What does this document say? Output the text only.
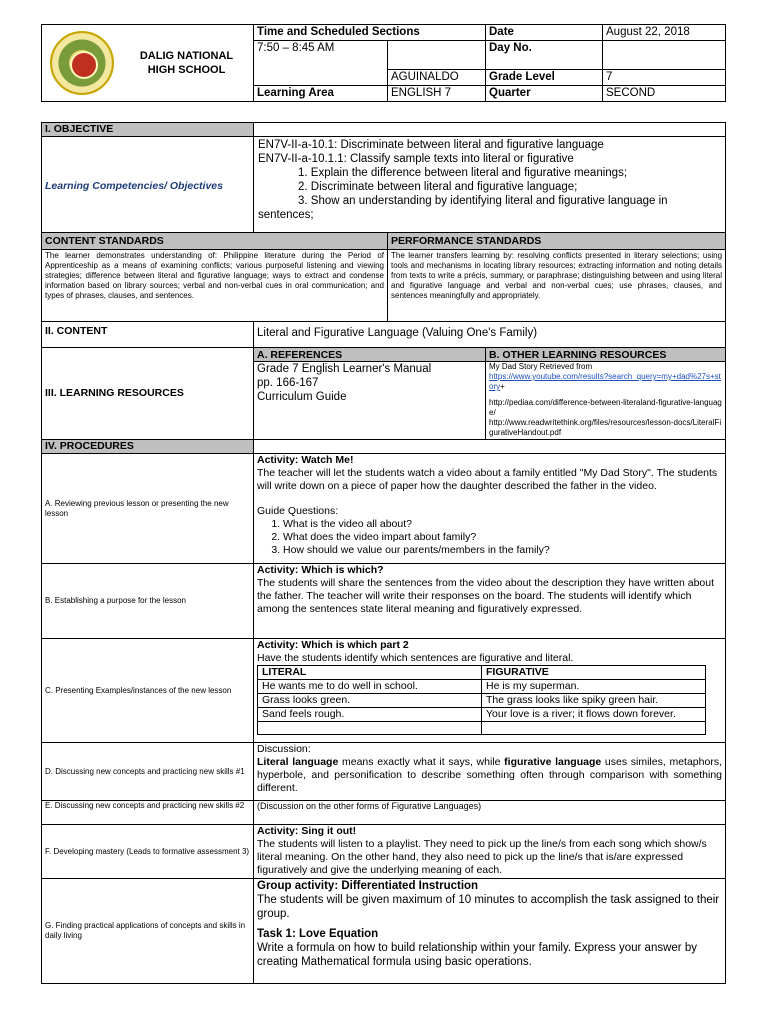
DALIG NATIONAL
HIGH SCHOOL	Time and Scheduled Sections		Date	August 22, 2018
	7:50 – 8:45 AM		Day No.	
		AGUINALDO	Grade Level	7
	Learning Area	ENGLISH 7	Quarter	SECOND
I. OBJECTIVE	
Learning Competencies/ Objectives	
EN7V-II-a-10.1: Discriminate between literal and figurative language
EN7V-II-a-10.1.1: Classify sample texts into literal or figurative
1. Explain the difference between literal and figurative meanings;
2. Discriminate between literal and figurative language;
3. Show an understanding by identifying literal and figurative language in sentences;

CONTENT STANDARDS	PERFORMANCE STANDARDS
The learner demonstrates understanding of: Philippine literature during the Period of Apprenticeship as a means of examining conflicts; various purposeful listening and viewing strategies; difference between literal and figurative language; ways to extract and condense information based on library sources; verbal and non-verbal cues in oral communication; and types of phrases, clauses, and sentences.	The learner transfers learning by: resolving conflicts presented in literary selections; using tools and mechanisms in locating library resources; extracting information and noting details from texts to write a précis, summary, or paraphrase; distinguishing between and using literal and figurative language and verbal and non-verbal cues; use phrases, clauses, and sentences meaningfully and appropriately.
II. CONTENT	Literal and Figurative Language (Valuing One's Family)
III. LEARNING RESOURCES	A. REFERENCES	B. OTHER LEARNING RESOURCES

Grade 7 English Learner's Manual
pp. 166-167
Curriculum Guide

My Dad Story Retrieved from
https://www.youtube.com/results?search_query=my+dad%27s+story+
http://pediaa.com/difference-between-literaland-figurative-language/
http://www.readwritethink.org/files/resources/lesson-docs/LiteralFigurativeHandout.pdf

IV. PROCEDURES	
A. Reviewing previous lesson or presenting the new lesson	
Activity: Watch Me!
The teacher will let the students watch a video about a family entitled "My Dad Story". The students will write down on a piece of paper how the daughter described the father in the video.
Guide Questions:
1. What is the video all about?
2. What does the video impart about family?
3. How should we value our parents/members in the family?

B. Establishing a purpose for the lesson	
Activity: Which is which?
The students will share the sentences from the video about the description they have written about the father. The teacher will write their responses on the board. The students will identify which among the sentences state literal meaning and figuratively expressed.

C. Presenting Examples/instances of the new lesson	
Activity: Which is which part 2
Have the students identify which sentences are figurative and literal.
LITERAL	FIGURATIVE
He wants me to do well in school.	He is my superman.
Grass looks green.	The grass looks like spiky green hair.
Sand feels rough.	Your love is a river; it flows down forever.

D. Discussing new concepts and practicing new skills #1	
Discussion:
Literal language means exactly what it says, while figurative language uses similes, metaphors, hyperbole, and personification to describe something often through comparison with something different.

E. Discussing new concepts and practicing new skills #2	(Discussion on the other forms of Figurative Languages)
F. Developing mastery (Leads to formative assessment 3)	
Activity: Sing it out!
The students will listen to a playlist. They need to pick up the line/s from each song which show/s literal meaning. On the other hand, they also need to pick up the line/s that is/are expressed figuratively and give the underlying meaning of each.

G. Finding practical applications of concepts and skills in daily living	
Group activity: Differentiated Instruction
The students will be given maximum of 10 minutes to accomplish the task assigned to their group.
Task 1: Love Equation
Write a formula on how to build relationship within your family. Express your answer by creating Mathematical formula using basic operations.
